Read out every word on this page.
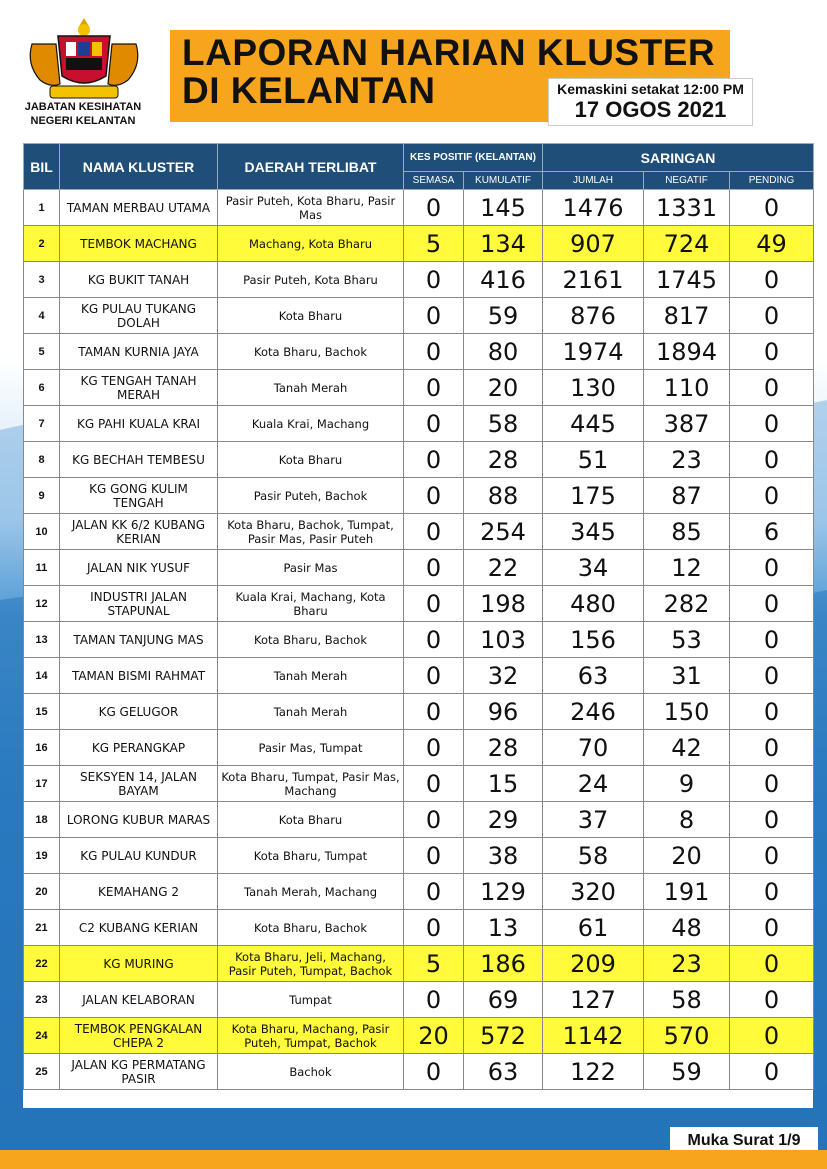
JABATAN KESIHATAN NEGERI KELANTAN
LAPORAN HARIAN KLUSTER
DI KELANTAN	Kemaskini setakat 12:00 PM
17 OGOS 2021
BIL	NAMA KLUSTER	DAERAH TERLIBAT	KES POSITIF (KELANTAN)		SARINGAN		
			SEMASA	KUMULATIF	JUMLAH	NEGATIF	PENDING
1	TAMAN MERBAU UTAMA	Pasir Puteh, Kota Bharu, Pasir Mas	0	145	1476	1331	0
2	TEMBOK MACHANG	Machang, Kota Bharu	5	134	907	724	49
3	KG BUKIT TANAH	Pasir Puteh, Kota Bharu	0	416	2161	1745	0
4	KG PULAU TUKANG DOLAH	Kota Bharu	0	59	876	817	0
5	TAMAN KURNIA JAYA	Kota Bharu, Bachok	0	80	1974	1894	0
6	KG TENGAH TANAH MERAH	Tanah Merah	0	20	130	110	0
7	KG PAHI KUALA KRAI	Kuala Krai, Machang	0	58	445	387	0
8	KG BECHAH TEMBESU	Kota Bharu	0	28	51	23	0
9	KG GONG KULIM TENGAH	Pasir Puteh, Bachok	0	88	175	87	0
10	JALAN KK 6/2 KUBANG KERIAN	Kota Bharu, Bachok, Tumpat, Pasir Mas, Pasir Puteh	0	254	345	85	6
11	JALAN NIK YUSUF	Pasir Mas	0	22	34	12	0
12	INDUSTRI JALAN STAPUNAL	Kuala Krai, Machang, Kota Bharu	0	198	480	282	0
13	TAMAN TANJUNG MAS	Kota Bharu, Bachok	0	103	156	53	0
14	TAMAN BISMI RAHMAT	Tanah Merah	0	32	63	31	0
15	KG GELUGOR	Tanah Merah	0	96	246	150	0
16	KG PERANGKAP	Pasir Mas, Tumpat	0	28	70	42	0
17	SEKSYEN 14, JALAN BAYAM	Kota Bharu, Tumpat, Pasir Mas, Machang	0	15	24	9	0
18	LORONG KUBUR MARAS	Kota Bharu	0	29	37	8	0
19	KG PULAU KUNDUR	Kota Bharu, Tumpat	0	38	58	20	0
20	KEMAHANG 2	Tanah Merah, Machang	0	129	320	191	0
21	C2 KUBANG KERIAN	Kota Bharu, Bachok	0	13	61	48	0
22	KG MURING	Kota Bharu, Jeli, Machang, Pasir Puteh, Tumpat, Bachok	5	186	209	23	0
23	JALAN KELABORAN	Tumpat	0	69	127	58	0
24	TEMBOK PENGKALAN CHEPA 2	Kota Bharu, Machang, Pasir Puteh, Tumpat, Bachok	20	572	1142	570	0
25	JALAN KG PERMATANG PASIR	Bachok	0	63	122	59	0
Muka Surat 1/9
